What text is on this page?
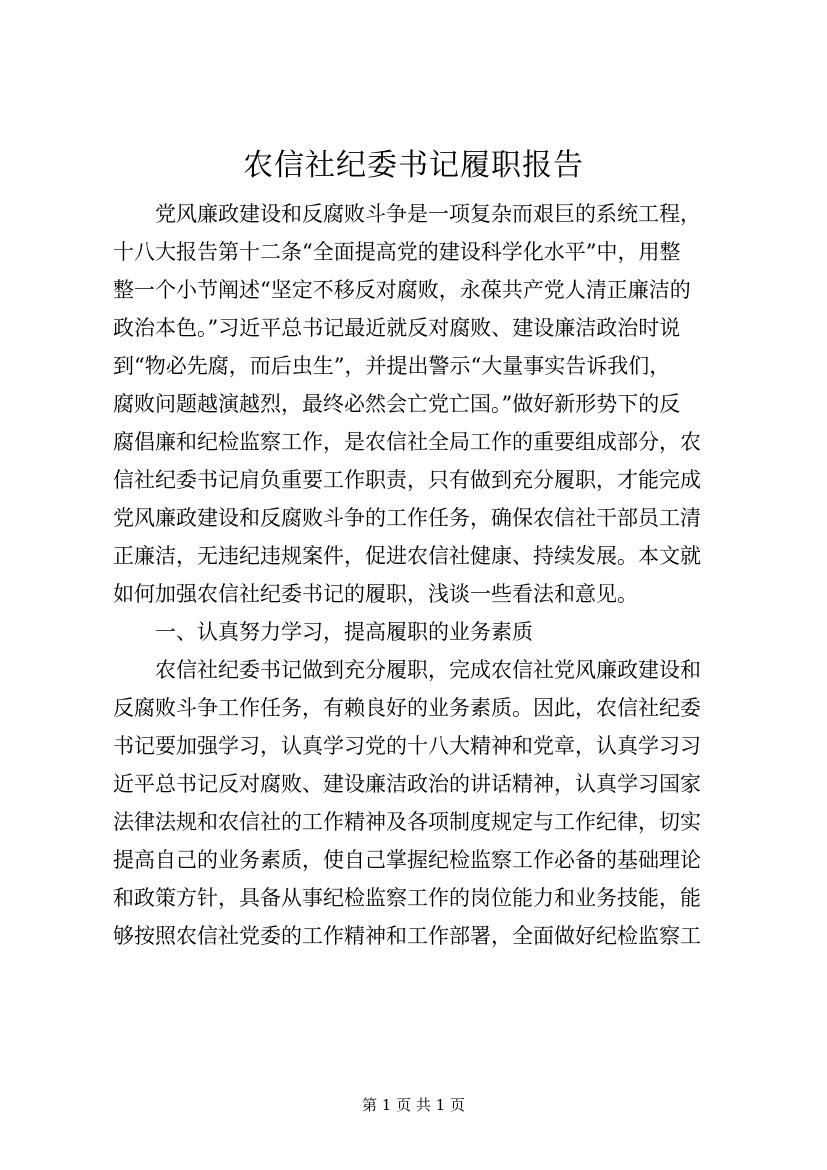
农信社纪委书记履职报告
党风廉政建设和反腐败斗争是一项复杂而艰巨的系统工程，
十八大报告第十二条“全面提高党的建设科学化水平”中，用整
整一个小节阐述“坚定不移反对腐败，永葆共产党人清正廉洁的
政治本色。”习近平总书记最近就反对腐败、建设廉洁政治时说
到“物必先腐，而后虫生”，并提出警示“大量事实告诉我们，
腐败问题越演越烈，最终必然会亡党亡国。”做好新形势下的反
腐倡廉和纪检监察工作，是农信社全局工作的重要组成部分，农
信社纪委书记肩负重要工作职责，只有做到充分履职，才能完成
党风廉政建设和反腐败斗争的工作任务，确保农信社干部员工清
正廉洁，无违纪违规案件，促进农信社健康、持续发展。本文就
如何加强农信社纪委书记的履职，浅谈一些看法和意见。
一、认真努力学习，提高履职的业务素质
农信社纪委书记做到充分履职，完成农信社党风廉政建设和
反腐败斗争工作任务，有赖良好的业务素质。因此，农信社纪委
书记要加强学习，认真学习党的十八大精神和党章，认真学习习
近平总书记反对腐败、建设廉洁政治的讲话精神，认真学习国家
法律法规和农信社的工作精神及各项制度规定与工作纪律，切实
提高自己的业务素质，使自己掌握纪检监察工作必备的基础理论
和政策方针，具备从事纪检监察工作的岗位能力和业务技能，能
够按照农信社党委的工作精神和工作部署，全面做好纪检监察工
第 1 页 共 1 页
